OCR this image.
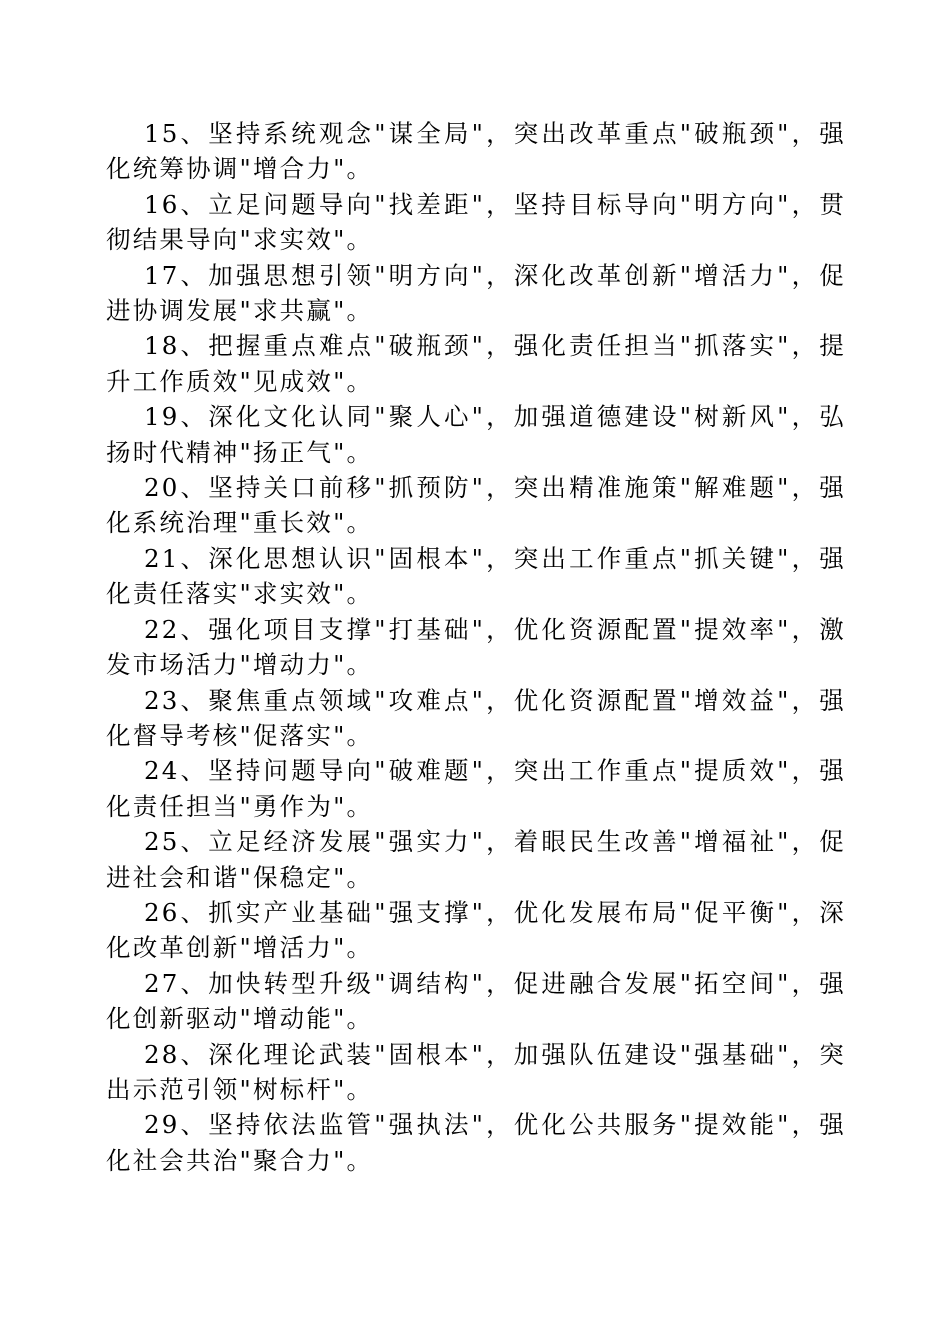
15、坚持系统观念"谋全局"，突出改革重点"破瓶颈"，强化统筹协调"增合力"。

16、立足问题导向"找差距"，坚持目标导向"明方向"，贯彻结果导向"求实效"。

17、加强思想引领"明方向"，深化改革创新"增活力"，促进协调发展"求共赢"。

18、把握重点难点"破瓶颈"，强化责任担当"抓落实"，提升工作质效"见成效"。

19、深化文化认同"聚人心"，加强道德建设"树新风"，弘扬时代精神"扬正气"。

20、坚持关口前移"抓预防"，突出精准施策"解难题"，强化系统治理"重长效"。

21、深化思想认识"固根本"，突出工作重点"抓关键"，强化责任落实"求实效"。

22、强化项目支撑"打基础"，优化资源配置"提效率"，激发市场活力"增动力"。

23、聚焦重点领域"攻难点"，优化资源配置"增效益"，强化督导考核"促落实"。

24、坚持问题导向"破难题"，突出工作重点"提质效"，强化责任担当"勇作为"。

25、立足经济发展"强实力"，着眼民生改善"增福祉"，促进社会和谐"保稳定"。

26、抓实产业基础"强支撑"，优化发展布局"促平衡"，深化改革创新"增活力"。

27、加快转型升级"调结构"，促进融合发展"拓空间"，强化创新驱动"增动能"。

28、深化理论武装"固根本"，加强队伍建设"强基础"，突出示范引领"树标杆"。

29、坚持依法监管"强执法"，优化公共服务"提效能"，强化社会共治"聚合力"。
